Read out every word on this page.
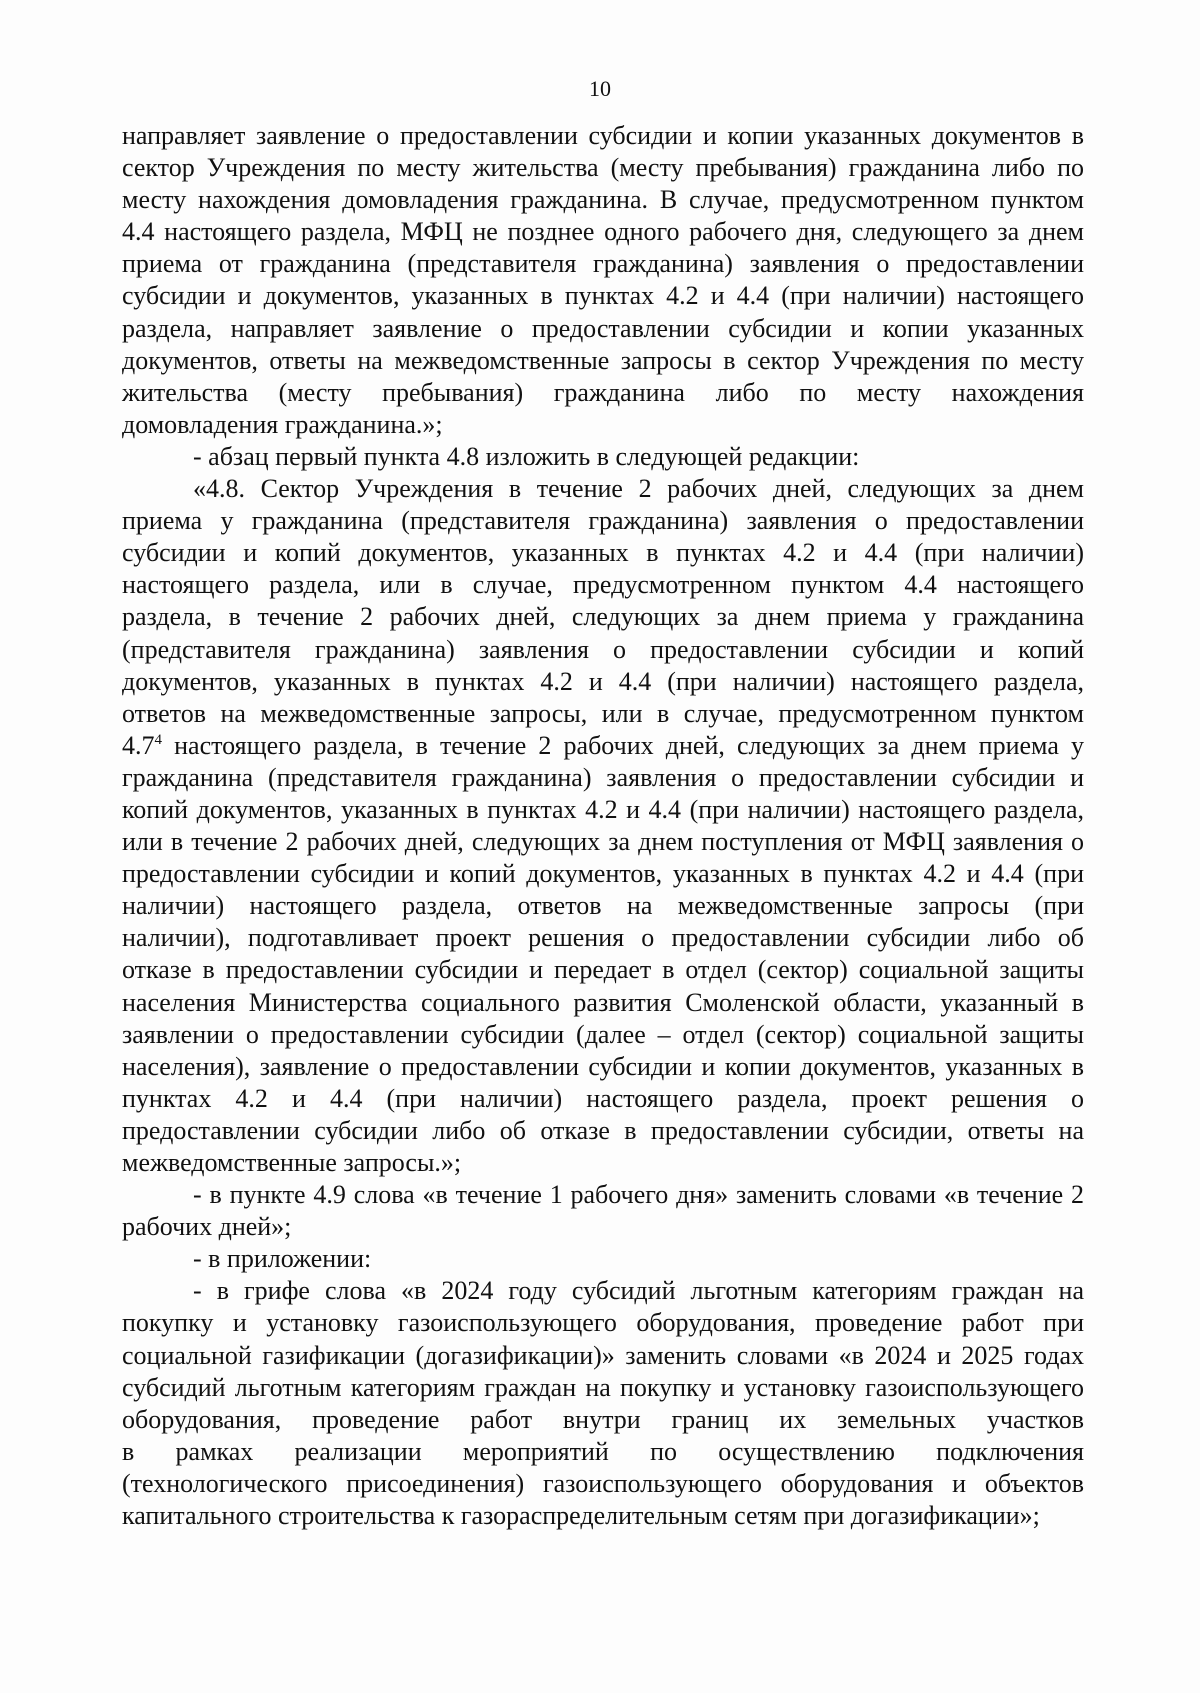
10
направляет заявление о предоставлении субсидии и копии указанных документов в
сектор Учреждения по месту жительства (месту пребывания) гражданина либо по
месту нахождения домовладения гражданина. В случае, предусмотренном пунктом
4.4 настоящего раздела, МФЦ не позднее одного рабочего дня, следующего за днем
приема от гражданина (представителя гражданина) заявления о предоставлении
субсидии и документов, указанных в пунктах 4.2 и 4.4 (при наличии) настоящего
раздела, направляет заявление о предоставлении субсидии и копии указанных
документов, ответы на межведомственные запросы в сектор Учреждения по месту
жительства (месту пребывания) гражданина либо по месту нахождения
домовладения гражданина.»;
- абзац первый пункта 4.8 изложить в следующей редакции:
«4.8. Сектор Учреждения в течение 2 рабочих дней, следующих за днем
приема у гражданина (представителя гражданина) заявления о предоставлении
субсидии и копий документов, указанных в пунктах 4.2 и 4.4 (при наличии)
настоящего раздела, или в случае, предусмотренном пунктом 4.4 настоящего
раздела, в течение 2 рабочих дней, следующих за днем приема у гражданина
(представителя гражданина) заявления о предоставлении субсидии и копий
документов, указанных в пунктах 4.2 и 4.4 (при наличии) настоящего раздела,
ответов на межведомственные запросы, или в случае, предусмотренном пунктом
$4.7^4$ настоящего раздела, в течение 2 рабочих дней, следующих за днем приема у
гражданина (представителя гражданина) заявления о предоставлении субсидии и
копий документов, указанных в пунктах 4.2 и 4.4 (при наличии) настоящего раздела,
или в течение 2 рабочих дней, следующих за днем поступления от МФЦ заявления о
предоставлении субсидии и копий документов, указанных в пунктах 4.2 и 4.4 (при
наличии) настоящего раздела, ответов на межведомственные запросы (при
наличии), подготавливает проект решения о предоставлении субсидии либо об
отказе в предоставлении субсидии и передает в отдел (сектор) социальной защиты
населения Министерства социального развития Смоленской области, указанный в
заявлении о предоставлении субсидии (далее – отдел (сектор) социальной защиты
населения), заявление о предоставлении субсидии и копии документов, указанных в
пунктах 4.2 и 4.4 (при наличии) настоящего раздела, проект решения о
предоставлении субсидии либо об отказе в предоставлении субсидии, ответы на
межведомственные запросы.»;
- в пункте 4.9 слова «в течение 1 рабочего дня» заменить словами «в течение 2
рабочих дней»;
- в приложении:
- в грифе слова «в 2024 году субсидий льготным категориям граждан на
покупку и установку газоиспользующего оборудования, проведение работ при
социальной газификации (догазификации)» заменить словами «в 2024 и 2025 годах
субсидий льготным категориям граждан на покупку и установку газоиспользующего
оборудования, проведение работ внутри границ их земельных участков
в рамках реализации мероприятий по осуществлению подключения
(технологического присоединения) газоиспользующего оборудования и объектов
капитального строительства к газораспределительным сетям при догазификации»;
